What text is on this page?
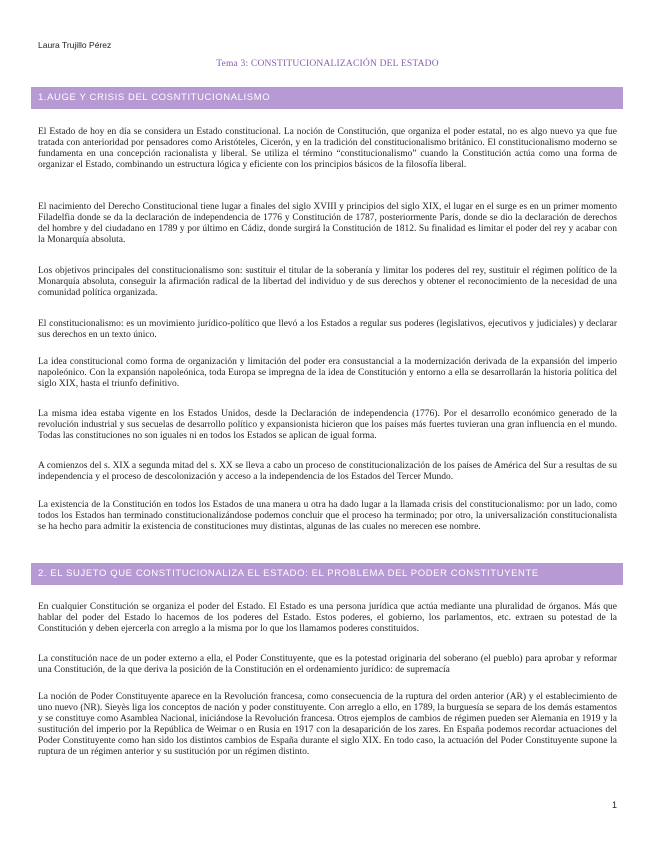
Laura Trujillo Pérez
Tema 3: CONSTITUCIONALIZACIÓN DEL ESTADO
1.AUGE Y CRISIS DEL COSNTITUCIONALISMO

El Estado de hoy en día se considera un Estado constitucional. La noción de Constitución, que organiza el poder estatal, no es algo nuevo ya que fue tratada con anterioridad por pensadores como Aristóteles, Cicerón, y en la tradición del constitucionalismo británico. El constitucionalismo moderno se fundamenta en una concepción racionalista y liberal. Se utiliza el término “constitucionalismo” cuando la Constitución actúa como una forma de organizar el Estado, combinando un estructura lógica y eficiente con los principios básicos de la filosofía liberal.

El nacimiento del Derecho Constitucional tiene lugar a finales del siglo XVIII y principios del siglo XIX, el lugar en el surge es en un primer momento Filadelfia donde se da la declaración de independencia de 1776 y Constitución de 1787, posteriormente París, donde se dio la declaración de derechos del hombre y del ciudadano en 1789 y por último en Cádiz, donde surgirá la Constitución de 1812. Su finalidad es limitar el poder del rey y acabar con la Monarquía absoluta.

Los objetivos principales del constitucionalismo son: sustituir el titular de la soberanía y limitar los poderes del rey, sustituir el régimen político de la Monarquía absoluta, conseguir la afirmación radical de la libertad del individuo y de sus derechos y obtener el reconocimiento de la necesidad de una comunidad política organizada.

El constitucionalismo: es un movimiento jurídico-político que llevó a los Estados a regular sus poderes (legislativos, ejecutivos y judiciales) y declarar sus derechos en un texto único.

La idea constitucional como forma de organización y limitación del poder era consustancial a la modernización derivada de la expansión del imperio napoleónico. Con la expansión napoleónica, toda Europa se impregna de la idea de Constitución y entorno a ella se desarrollarán la historia política del siglo XIX, hasta el triunfo definitivo.

La misma idea estaba vigente en los Estados Unidos, desde la Declaración de independencia (1776). Por el desarrollo económico generado de la revolución industrial y sus secuelas de desarrollo político y expansionista hicieron que los países más fuertes tuvieran una gran influencia en el mundo. Todas las constituciones no son iguales ni en todos los Estados se aplican de igual forma.

A comienzos del s. XIX a segunda mitad del s. XX se lleva a cabo un proceso de constitucionalización de los países de América del Sur a resultas de su independencia y el proceso de descolonización y acceso a la independencia de los Estados del Tercer Mundo.

La existencia de la Constitución en todos los Estados de una manera u otra ha dado lugar a la llamada crisis del constitucionalismo: por un lado, como todos los Estados han terminado constitucionalizándose podemos concluir que el proceso ha terminado; por otro, la universalización constitucionalista se ha hecho para admitir la existencia de constituciones muy distintas, algunas de las cuales no merecen ese nombre.

2. EL SUJETO QUE CONSTITUCIONALIZA EL ESTADO: EL PROBLEMA DEL PODER CONSTITUYENTE

En cualquier Constitución se organiza el poder del Estado. El Estado es una persona jurídica que actúa mediante una pluralidad de órganos. Más que hablar del poder del Estado lo hacemos de los poderes del Estado. Estos poderes, el gobierno, los parlamentos, etc. extraen su potestad de la Constitución y deben ejercerla con arreglo a la misma por lo que los llamamos poderes constituidos.

La constitución nace de un poder externo a ella, el Poder Constituyente, que es la potestad originaria del soberano (el pueblo) para aprobar y reformar una Constitución, de la que deriva la posición de la Constitución en el ordenamiento jurídico: de supremacía

La noción de Poder Constituyente aparece en la Revolución francesa, como consecuencia de la ruptura del orden anterior (AR) y el establecimiento de uno nuevo (NR). Sieyès liga los conceptos de nación y poder constituyente. Con arreglo a ello, en 1789, la burguesía se separa de los demás estamentos y se constituye como Asamblea Nacional, iniciándose la Revolución francesa. Otros ejemplos de cambios de régimen pueden ser Alemania en 1919 y la sustitución del imperio por la República de Weimar o en Rusia en 1917 con la desaparición de los zares. En España podemos recordar actuaciones del Poder Constituyente como han sido los distintos cambios de España durante el siglo XIX. En todo caso, la actuación del Poder Constituyente supone la ruptura de un régimen anterior y su sustitución por un régimen distinto.

1
